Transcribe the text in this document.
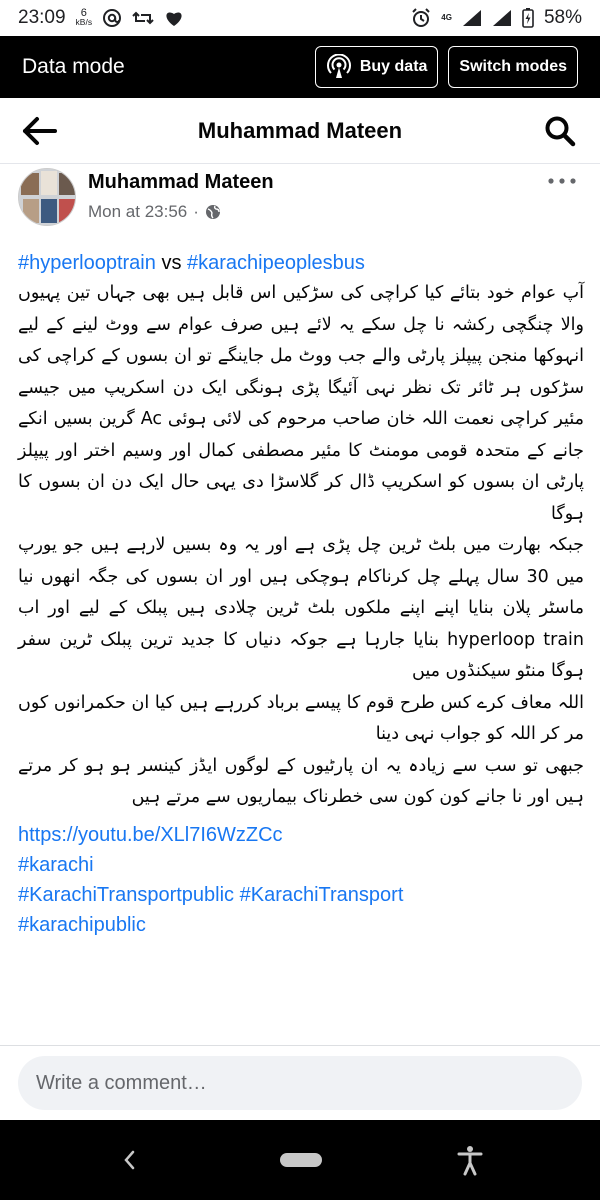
23:09	6
kB/s	4G	58%
Data mode	Buy data Switch modes
Muhammad Mateen
Muhammad Mateen
Mon at 23:56 ·
#hyperlooptrain vs #karachipeoplesbus

آپ عوام خود بتائے کیا کراچی کی سڑکیں اس قابل ہیں بھی جہاں تین پہیوں والا چنگچی رکشہ نا چل سکے یہ لائے ہیں صرف عوام سے ووٹ لینے کے لیے انہوکھا منجن پیپلز پارٹی والے جب ووٹ مل جاینگے تو ان بسوں کے کراچی کی سڑکوں ہر ٹائر تک نظر نہی آئیگا پڑی ہونگی ایک دن اسکریپ میں جیسے مئیر کراچی نعمت اللہ خان صاحب مرحوم کی لائی ہوئی Ac گرین بسیں انکے جانے کے متحدہ قومی مومنٹ کا مئیر مصطفی کمال اور وسیم اختر اور پیپلز پارٹی ان بسوں کو اسکریپ ڈال کر گلاسڑا دی یہی حال ایک دن ان بسوں کا ہوگا

جبکہ بھارت میں بلٹ ٹرین چل پڑی ہے اور یہ وہ بسیں لارہے ہیں جو یورپ میں 30 سال پہلے چل کرناکام ہوچکی ہیں اور ان بسوں کی جگہ انھوں نیا ماسٹر پلان بنایا اپنے اپنے ملکوں بلٹ ٹرین چلادی ہیں پبلک کے لیے اور اب hyperloop train بنایا جارہا ہے جوکہ دنیاں کا جدید ترین پبلک ٹرین سفر ہوگا منٹو سیکنڈوں میں

اللہ معاف کرے کس طرح قوم کا پیسے برباد کررہے ہیں کیا ان حکمرانوں کوں مر کر اللہ کو جواب نہی دینا

جبھی تو سب سے زیادہ یہ ان پارٹیوں کے لوگوں ایڈز کینسر ہو ہو کر مرتے ہیں اور نا جانے کون کون سی خطرناک بیماریوں سے مرتے ہیں

https://youtu.be/XLl7I6WzZCc
#karachi
#KarachiTransportpublic #KarachiTransport
#karachipublic
Write a comment…
